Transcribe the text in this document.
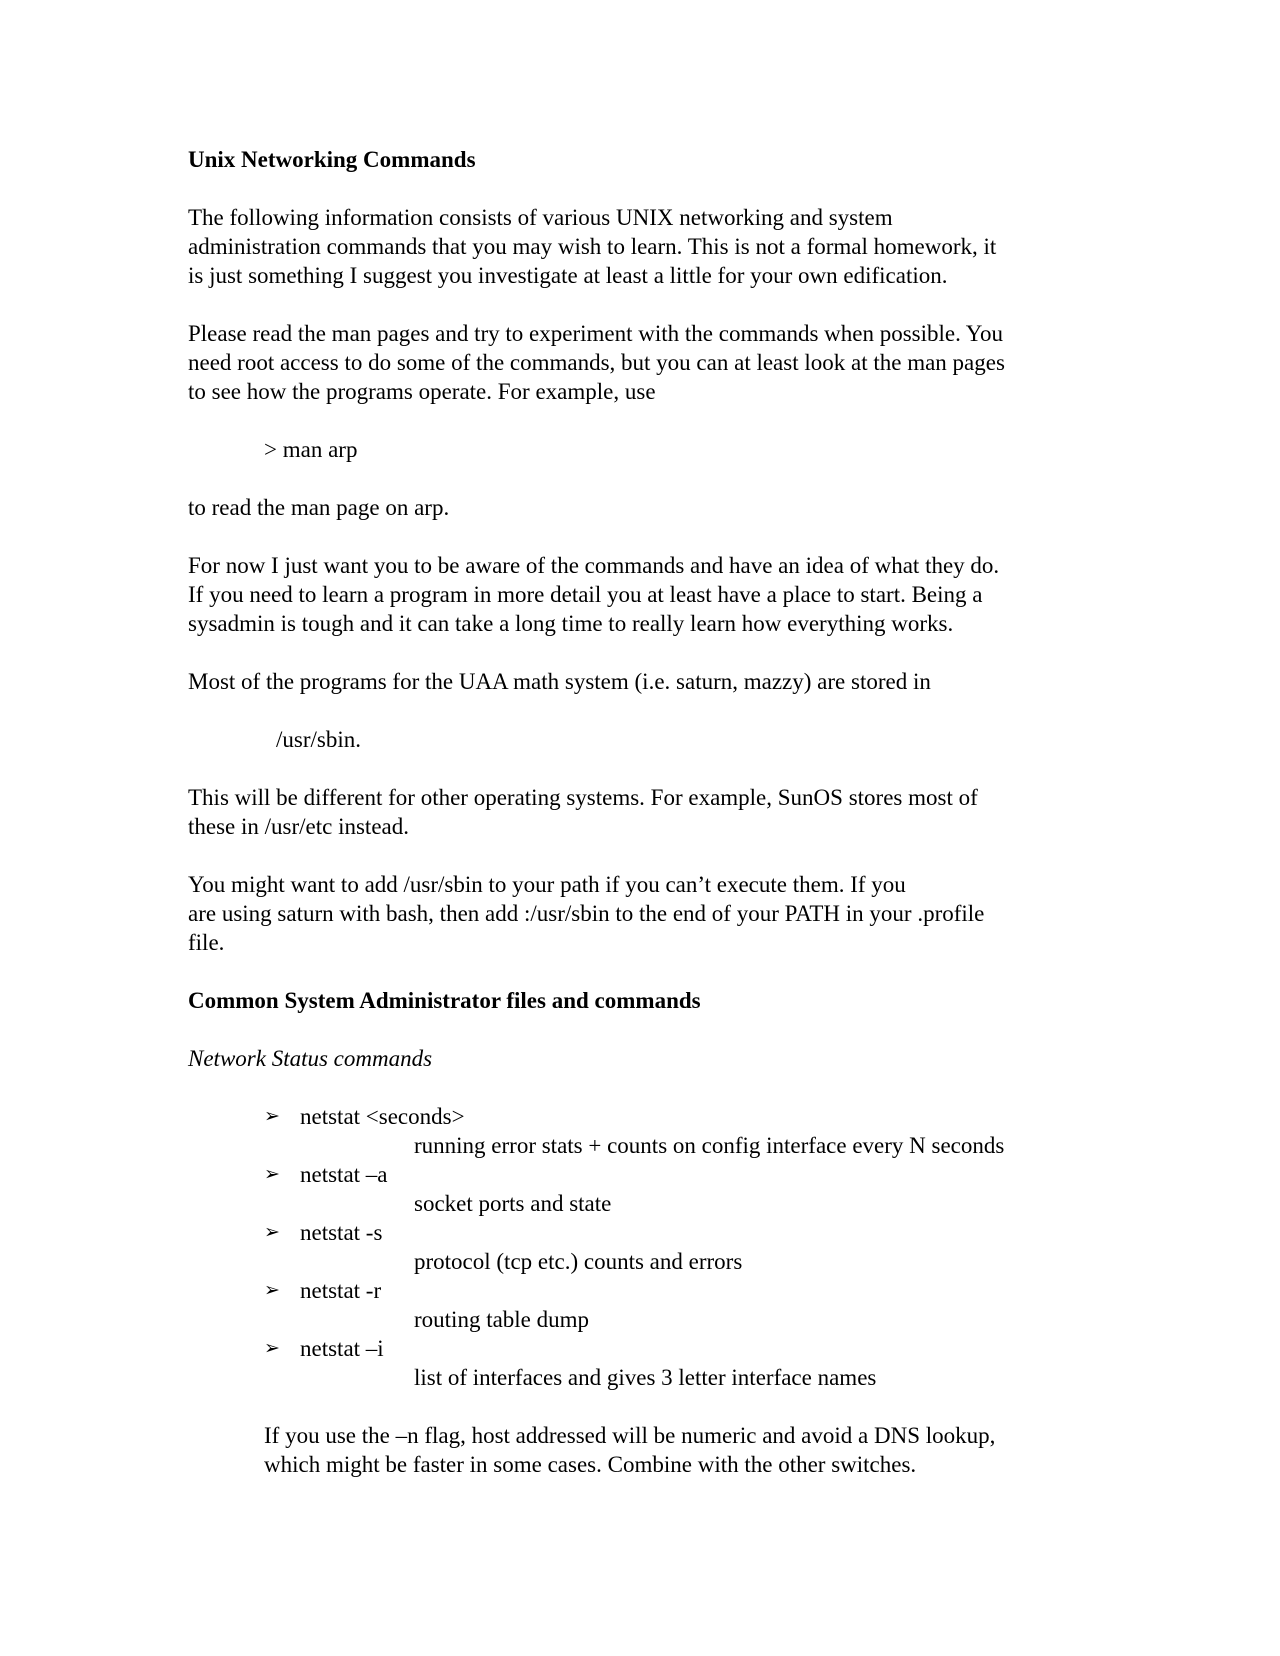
Unix Networking Commands
The following information consists of various UNIX networking and system
administration commands that you may wish to learn. This is not a formal homework, it
is just something I suggest you investigate at least a little for your own edification.
Please read the man pages and try to experiment with the commands when possible. You
need root access to do some of the commands, but you can at least look at the man pages
to see how the programs operate. For example, use
> man arp
to read the man page on arp.
For now I just want you to be aware of the commands and have an idea of what they do.
If you need to learn a program in more detail you at least have a place to start. Being a
sysadmin is tough and it can take a long time to really learn how everything works.
Most of the programs for the UAA math system (i.e. saturn, mazzy) are stored in
/usr/sbin.
This will be different for other operating systems. For example, SunOS stores most of
these in /usr/etc instead.
You might want to add /usr/sbin to your path if you can’t execute them. If you
are using saturn with bash, then add :/usr/sbin to the end of your PATH in your .profile
file.
Common System Administrator files and commands
Network Status commands
➢ netstat <seconds>
running error stats + counts on config interface every N seconds
➢ netstat –a
socket ports and state
➢ netstat -s
protocol (tcp etc.) counts and errors
➢ netstat -r
routing table dump
➢ netstat –i
list of interfaces and gives 3 letter interface names
If you use the –n flag, host addressed will be numeric and avoid a DNS lookup,
which might be faster in some cases. Combine with the other switches.
